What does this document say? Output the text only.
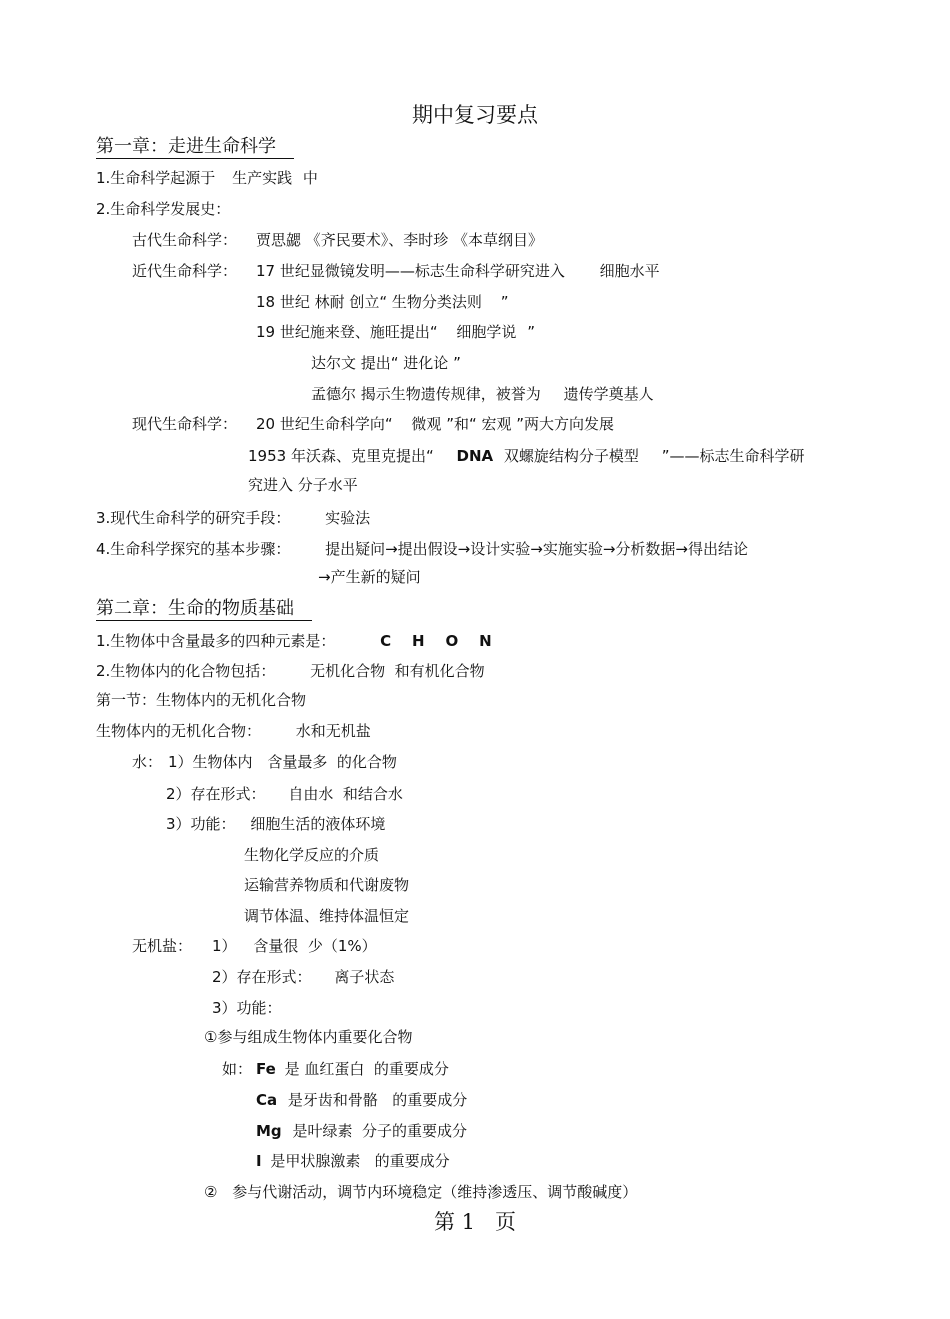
期中复习要点
第一章：走进生命科学
1.生命科学起源于 生产实践 中
2.生命科学发展史：
古代生命科学： 贾思勰 《齐民要术》、李时珍 《本草纲目》
近代生命科学： 17 世纪显微镜发明——标志生命科学研究进入 细胞水平
18 世纪 林耐 创立“ 生物分类法则 ”
19 世纪施来登、施旺提出“ 细胞学说 ”
达尔文 提出“ 进化论 ”
孟德尔 揭示生物遗传规律，被誉为 遗传学奠基人
现代生命科学： 20 世纪生命科学向“ 微观 ”和“ 宏观 ”两大方向发展
1953 年沃森、克里克提出“ DNA 双螺旋结构分子模型 ”——标志生命科学研
究进入 分子水平
3.现代生命科学的研究手段： 实验法
4.生命科学探究的基本步骤： 提出疑问→提出假设→设计实验→实施实验→分析数据→得出结论
→产生新的疑问
第二章：生命的物质基础
1.生物体中含量最多的四种元素是：	C    H    O    N
2.生物体内的化合物包括： 无机化合物  和有机化合物
第一节：生物体内的无机化合物
生物体内的无机化合物： 水和无机盐
水： 1）生物体内 含量最多  的化合物
2）存在形式： 自由水  和结合水
3）功能： 细胞生活的液体环境
生物化学反应的介质
运输营养物质和代谢废物
调节体温、维持体温恒定
无机盐： 1） 含量很  少（1%）
2）存在形式： 离子状态
3）功能：
①参与组成生物体内重要化合物
如： Fe 是 血红蛋白  的重要成分
Ca 是牙齿和骨骼   的重要成分
Mg 是叶绿素  分子的重要成分
I 是甲状腺激素   的重要成分
② 参与代谢活动，调节内环境稳定（维持渗透压、调节酸碱度）
第 1   页
